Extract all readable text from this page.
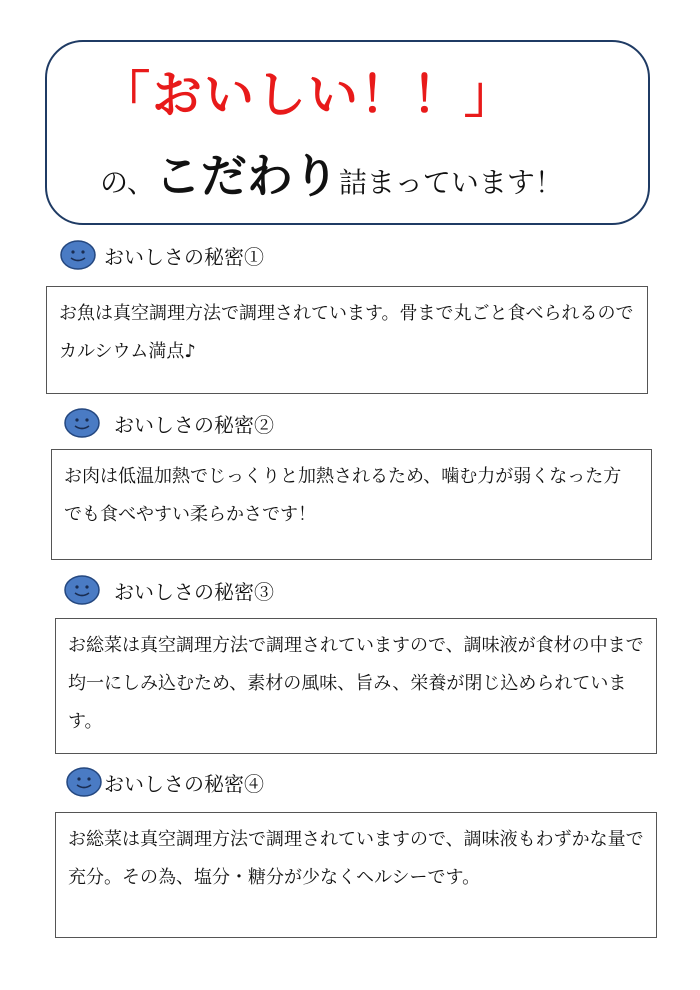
「おいしい！！」
の、こだわり詰まっています！
おいしさの秘密①
お魚は真空調理方法で調理されています。骨まで丸ごと食べられるのでカルシウム満点♪
おいしさの秘密②
お肉は低温加熱でじっくりと加熱されるため、噛む力が弱くなった方でも食べやすい柔らかさです！
おいしさの秘密③
お総菜は真空調理方法で調理されていますので、調味液が食材の中まで均一にしみ込むため、素材の風味、旨み、栄養が閉じ込められています。
おいしさの秘密④
お総菜は真空調理方法で調理されていますので、調味液もわずかな量で充分。その為、塩分・糖分が少なくヘルシーです。
